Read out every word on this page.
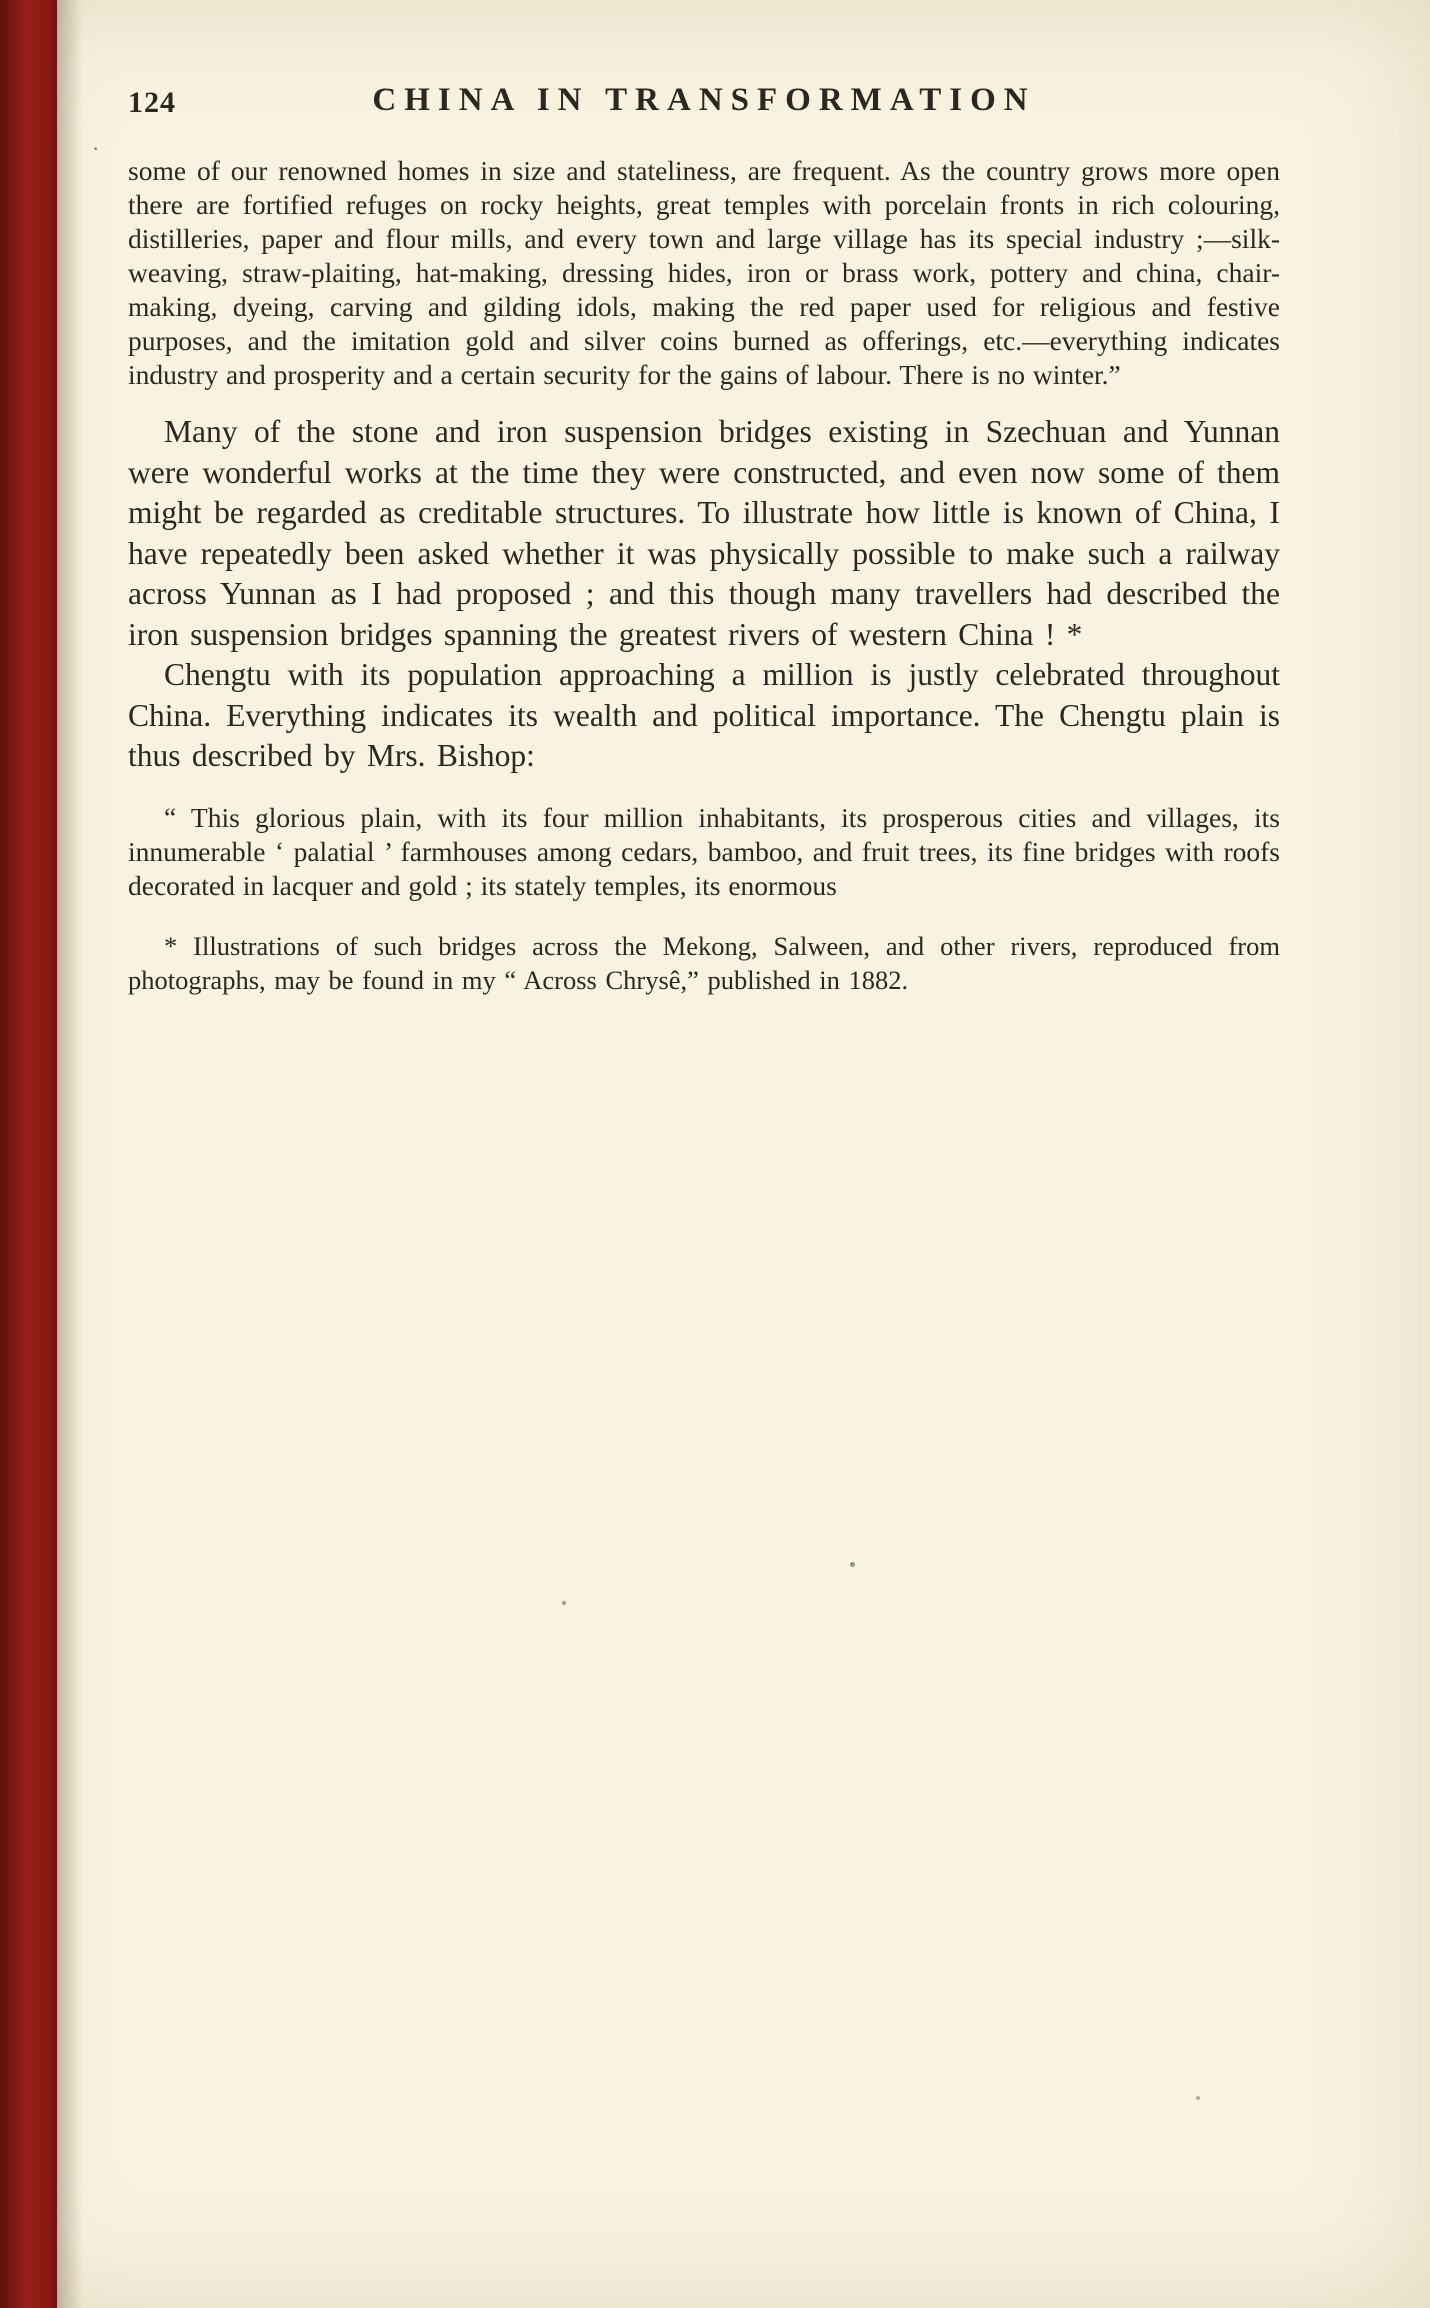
·
124	CHINA IN TRANSFORMATION

some of our renowned homes in size and stateliness, are frequent. As the country grows more open there are fortified refuges on rocky heights, great temples with porcelain fronts in rich colouring, distilleries, paper and flour mills, and every town and large village has its special industry ;—silk-weaving, straw-plaiting, hat-making, dressing hides, iron or brass work, pottery and china, chair-making, dyeing, carving and gilding idols, making the red paper used for religious and festive purposes, and the imitation gold and silver coins burned as offerings, etc.—everything indicates industry and prosperity and a certain security for the gains of labour. There is no winter.”

Many of the stone and iron suspension bridges existing in Szechuan and Yunnan were wonderful works at the time they were constructed, and even now some of them might be regarded as creditable structures. To illustrate how little is known of China, I have repeatedly been asked whether it was physically possible to make such a railway across Yunnan as I had proposed ; and this though many travellers had described the iron suspension bridges spanning the greatest rivers of western China ! *

Chengtu with its population approaching a million is justly celebrated throughout China. Everything indicates its wealth and political importance. The Chengtu plain is thus described by Mrs. Bishop:

“ This glorious plain, with its four million inhabitants, its prosperous cities and villages, its innumerable ‘ palatial ’ farmhouses among cedars, bamboo, and fruit trees, its fine bridges with roofs decorated in lacquer and gold ; its stately temples, its enormous

* Illustrations of such bridges across the Mekong, Salween, and other rivers, reproduced from photographs, may be found in my “ Across Chrysê,” published in 1882.
